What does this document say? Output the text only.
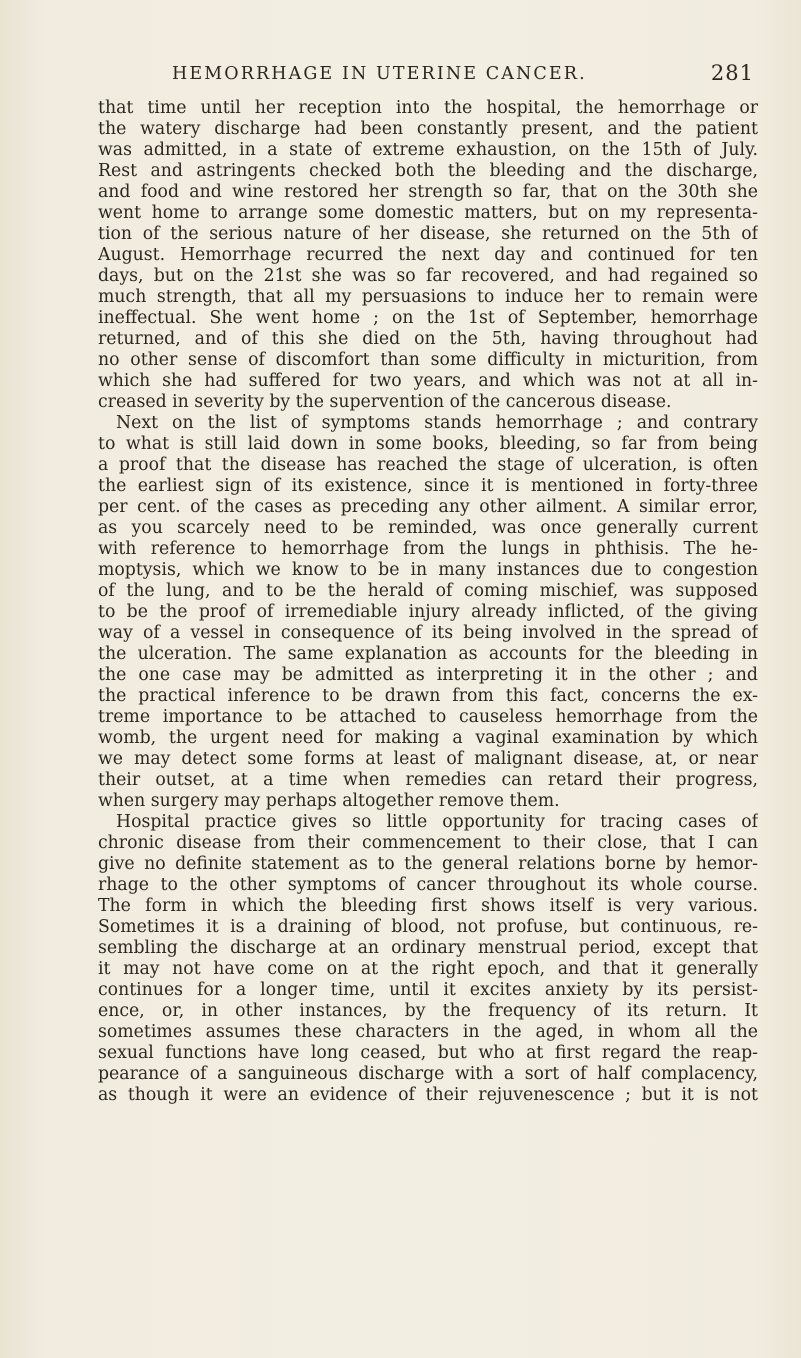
HEMORRHAGE IN UTERINE CANCER.	281
that time until her reception into the hospital, the hemorrhage or
the watery discharge had been constantly present, and the patient
was admitted, in a state of extreme exhaustion, on the 15th of July.
Rest and astringents checked both the bleeding and the discharge,
and food and wine restored her strength so far, that on the 30th she
went home to arrange some domestic matters, but on my representa-
tion of the serious nature of her disease, she returned on the 5th of
August. Hemorrhage recurred the next day and continued for ten
days, but on the 21st she was so far recovered, and had regained so
much strength, that all my persuasions to induce her to remain were
ineffectual. She went home ; on the 1st of September, hemorrhage
returned, and of this she died on the 5th, having throughout had
no other sense of discomfort than some difficulty in micturition, from
which she had suffered for two years, and which was not at all in-
creased in severity by the supervention of the cancerous disease.
Next on the list of symptoms stands hemorrhage ; and contrary
to what is still laid down in some books, bleeding, so far from being
a proof that the disease has reached the stage of ulceration, is often
the earliest sign of its existence, since it is mentioned in forty-three
per cent. of the cases as preceding any other ailment. A similar error,
as you scarcely need to be reminded, was once generally current
with reference to hemorrhage from the lungs in phthisis. The he-
moptysis, which we know to be in many instances due to congestion
of the lung, and to be the herald of coming mischief, was supposed
to be the proof of irremediable injury already inflicted, of the giving
way of a vessel in consequence of its being involved in the spread of
the ulceration. The same explanation as accounts for the bleeding in
the one case may be admitted as interpreting it in the other ; and
the practical inference to be drawn from this fact, concerns the ex-
treme importance to be attached to causeless hemorrhage from the
womb, the urgent need for making a vaginal examination by which
we may detect some forms at least of malignant disease, at, or near
their outset, at a time when remedies can retard their progress,
when surgery may perhaps altogether remove them.
Hospital practice gives so little opportunity for tracing cases of
chronic disease from their commencement to their close, that I can
give no definite statement as to the general relations borne by hemor-
rhage to the other symptoms of cancer throughout its whole course.
The form in which the bleeding first shows itself is very various.
Sometimes it is a draining of blood, not profuse, but continuous, re-
sembling the discharge at an ordinary menstrual period, except that
it may not have come on at the right epoch, and that it generally
continues for a longer time, until it excites anxiety by its persist-
ence, or, in other instances, by the frequency of its return. It
sometimes assumes these characters in the aged, in whom all the
sexual functions have long ceased, but who at first regard the reap-
pearance of a sanguineous discharge with a sort of half complacency,
as though it were an evidence of their rejuvenescence ; but it is not
